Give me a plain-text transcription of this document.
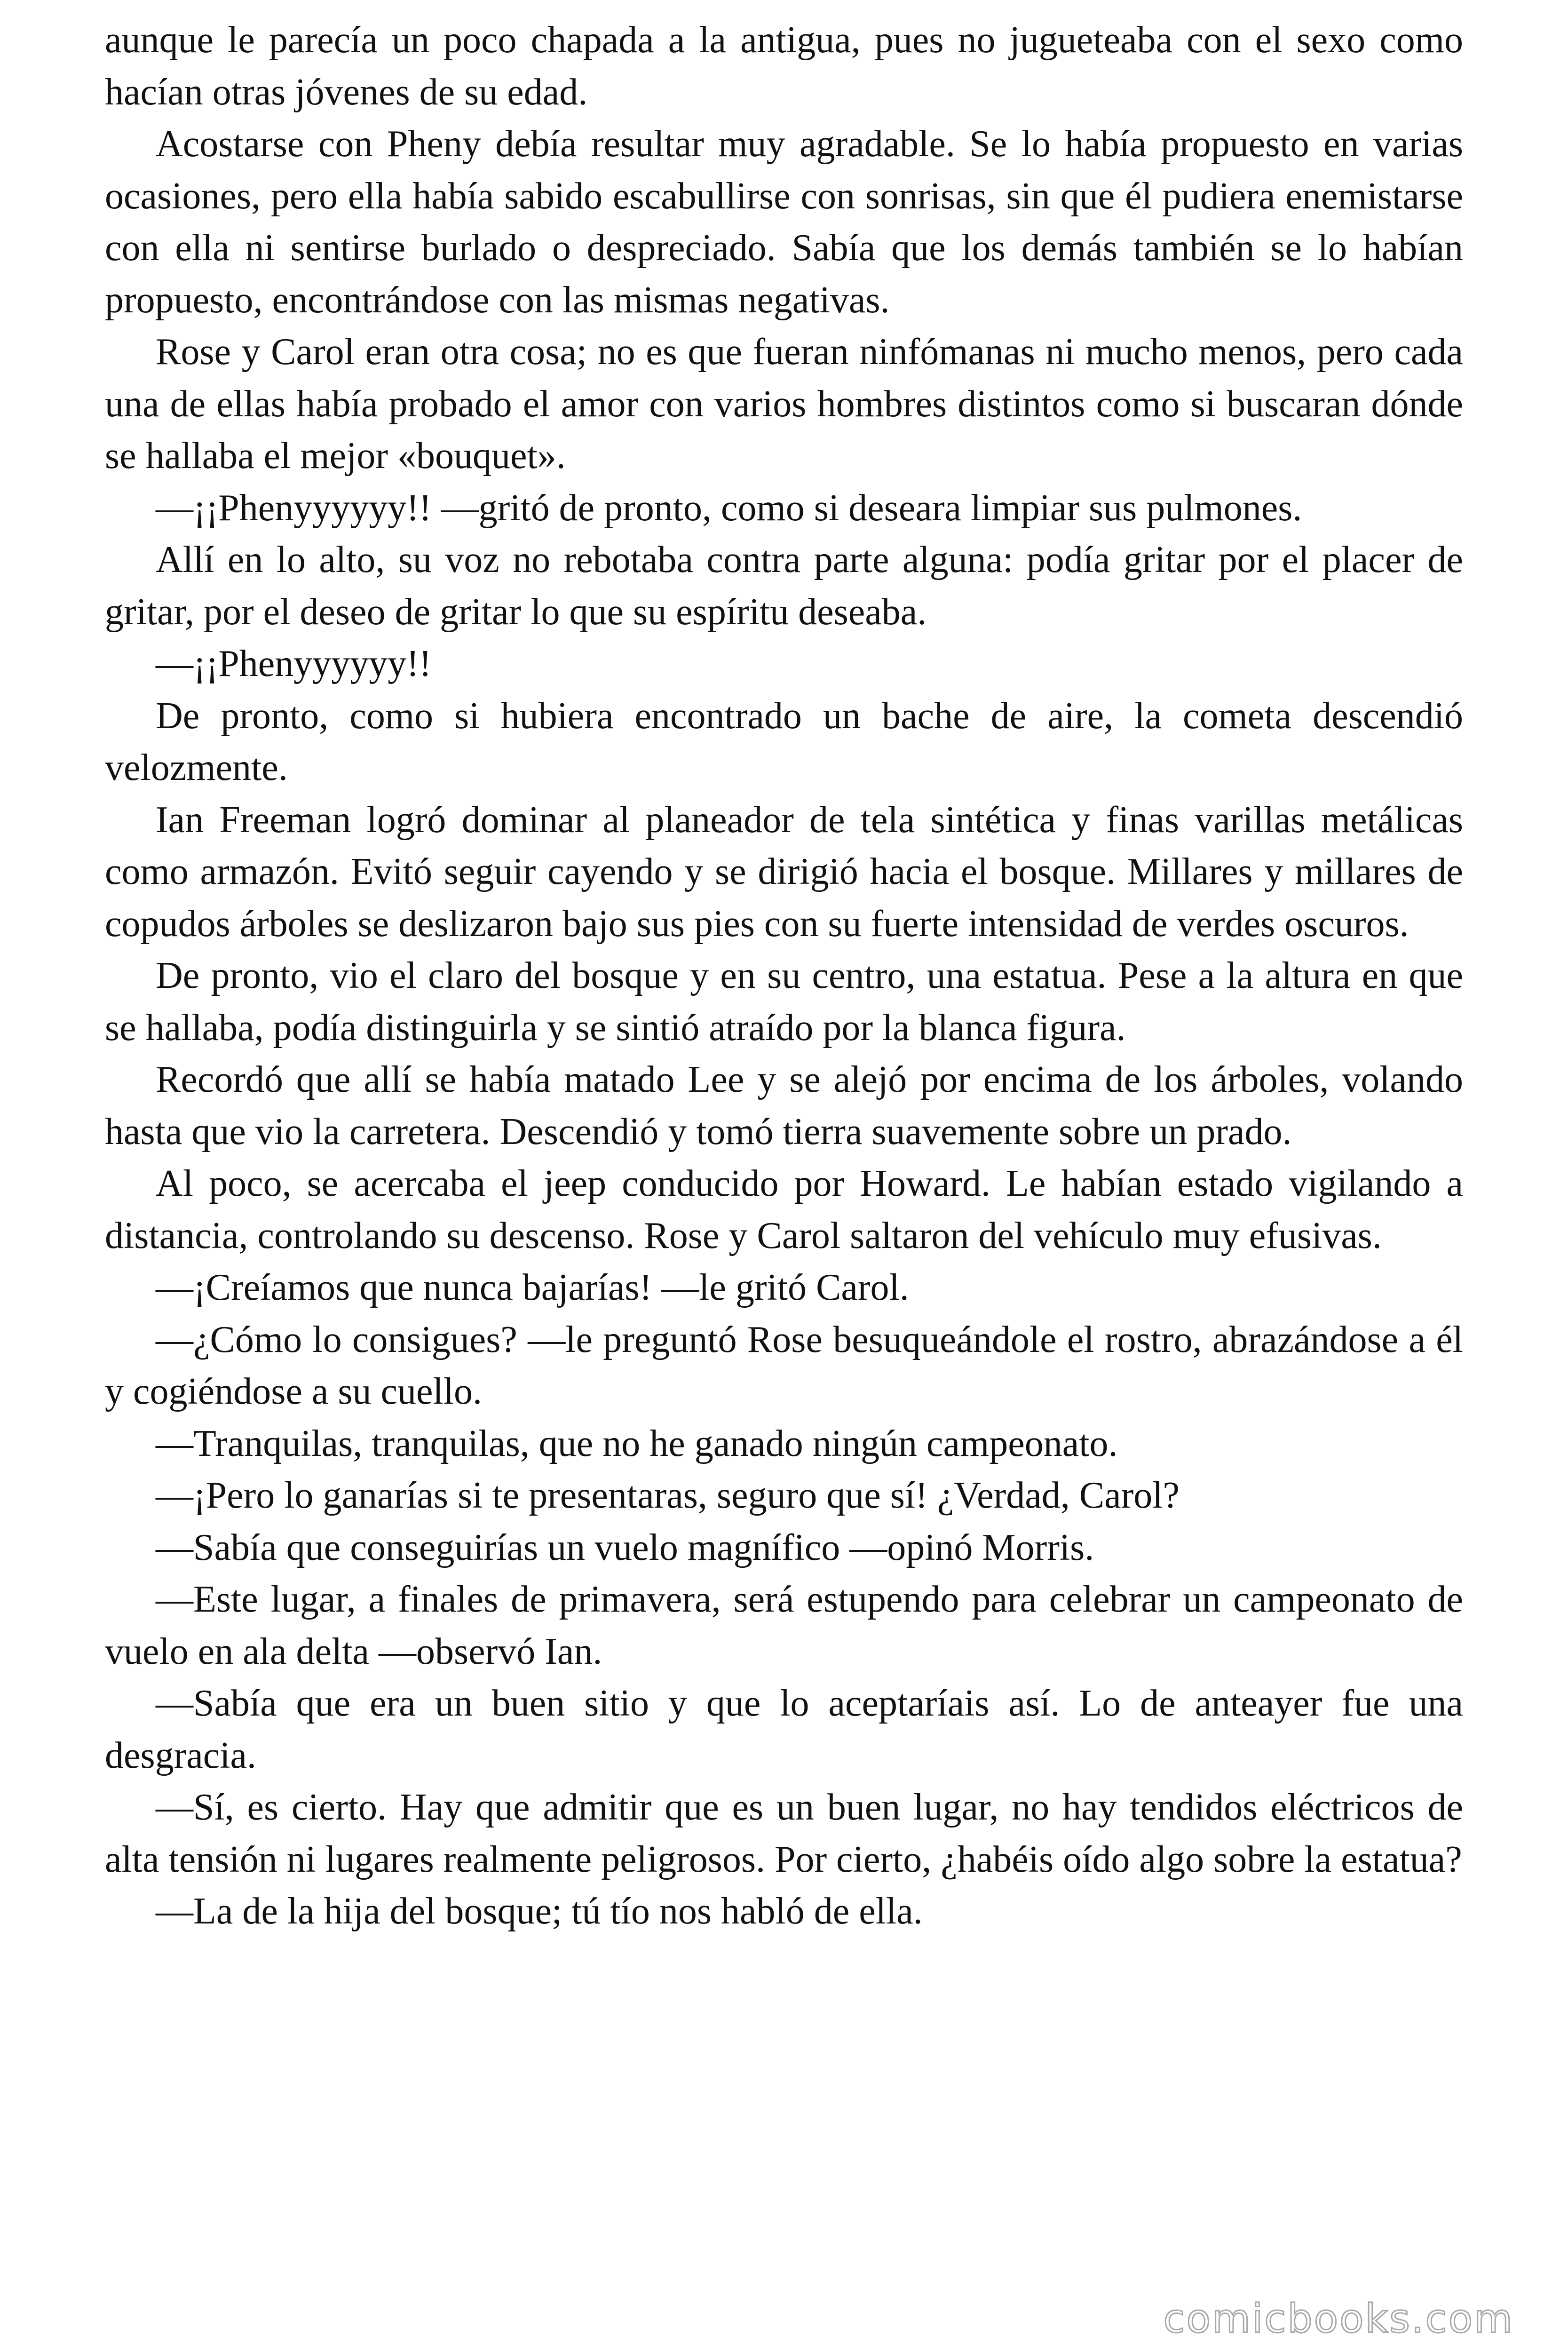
aunque le parecía un poco chapada a la antigua, pues no jugueteaba con el sexo como hacían otras jóvenes de su edad.

Acostarse con Pheny debía resultar muy agradable. Se lo había propuesto en varias ocasiones, pero ella había sabido escabullirse con sonrisas, sin que él pudiera enemistarse con ella ni sentirse burlado o despreciado. Sabía que los demás también se lo habían propuesto, encontrándose con las mismas negativas.

Rose y Carol eran otra cosa; no es que fueran ninfómanas ni mucho menos, pero cada una de ellas había probado el amor con varios hombres distintos como si buscaran dónde se hallaba el mejor «bouquet».

—¡¡Phenyyyyyy!! —gritó de pronto, como si deseara limpiar sus pulmones.

Allí en lo alto, su voz no rebotaba contra parte alguna: podía gritar por el placer de gritar, por el deseo de gritar lo que su espíritu deseaba.

—¡¡Phenyyyyyy!!

De pronto, como si hubiera encontrado un bache de aire, la cometa descendió velozmente.

Ian Freeman logró dominar al planeador de tela sintética y finas varillas metálicas como armazón. Evitó seguir cayendo y se dirigió hacia el bosque. Millares y millares de copudos árboles se deslizaron bajo sus pies con su fuerte intensidad de verdes oscuros.

De pronto, vio el claro del bosque y en su centro, una estatua. Pese a la altura en que se hallaba, podía distinguirla y se sintió atraído por la blanca figura.

Recordó que allí se había matado Lee y se alejó por encima de los árboles, volando hasta que vio la carretera. Descendió y tomó tierra suavemente sobre un prado.

Al poco, se acercaba el jeep conducido por Howard. Le habían estado vigilando a distancia, controlando su descenso. Rose y Carol saltaron del vehículo muy efusivas.

—¡Creíamos que nunca bajarías! —le gritó Carol.

—¿Cómo lo consigues? —le preguntó Rose besuqueándole el rostro, abrazándose a él y cogiéndose a su cuello.

—Tranquilas, tranquilas, que no he ganado ningún campeonato.

—¡Pero lo ganarías si te presentaras, seguro que sí! ¿Verdad, Carol?

—Sabía que conseguirías un vuelo magnífico —opinó Morris.

—Este lugar, a finales de primavera, será estupendo para celebrar un campeonato de vuelo en ala delta —observó Ian.

—Sabía que era un buen sitio y que lo aceptaríais así. Lo de anteayer fue una desgracia.

—Sí, es cierto. Hay que admitir que es un buen lugar, no hay tendidos eléctricos de alta tensión ni lugares realmente peligrosos. Por cierto, ¿habéis oído algo sobre la estatua?

—La de la hija del bosque; tú tío nos habló de ella.

comicbooks.com
